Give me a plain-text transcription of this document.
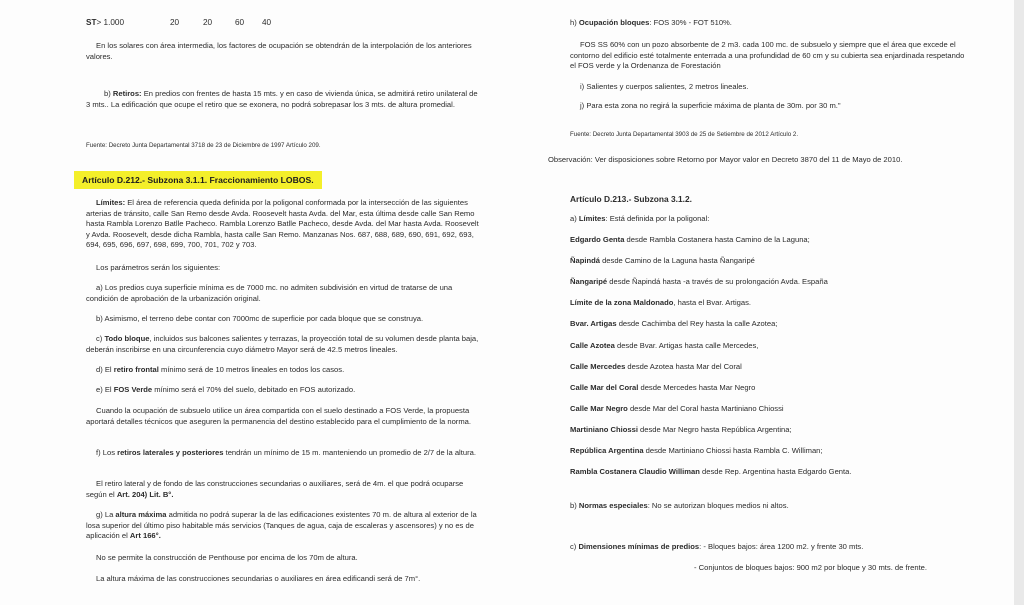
ST> 1.000	20	20	60 40

En los solares con área intermedia, los factores de ocupación se obtendrán de la interpolación de los anteriores valores.

b) Retiros: En predios con frentes de hasta 15 mts. y en caso de vivienda única, se admitirá retiro unilateral de 3 mts.. La edificación que ocupe el retiro que se exonera, no podrá sobrepasar los 3 mts. de altura promedial.

Fuente: Decreto Junta Departamental 3718 de 23 de Diciembre de 1997 Artículo 209.

Artículo D.212.- Subzona 3.1.1. Fraccionamiento LOBOS.

Límites: El área de referencia queda definida por la poligonal conformada por la intersección de las siguientes arterias de tránsito, calle San Remo desde Avda. Roosevelt hasta Avda. del Mar, esta última desde calle San Remo hasta Rambla Lorenzo Batlle Pacheco. Rambla Lorenzo Batlle Pacheco, desde Avda. del Mar hasta Avda. Roosevelt y Avda. Roosevelt, desde dicha Rambla, hasta calle San Remo. Manzanas Nos. 687, 688, 689, 690, 691, 692, 693, 694, 695, 696, 697, 698, 699, 700, 701, 702 y 703.

Los parámetros serán los siguientes:

a) Los predios cuya superficie mínima es de 7000 mc. no admiten subdivisión en virtud de tratarse de una condición de aprobación de la urbanización original.

b) Asimismo, el terreno debe contar con 7000mc de superficie por cada bloque que se construya.

c) Todo bloque, incluidos sus balcones salientes y terrazas, la proyección total de su volumen desde planta baja, deberán inscribirse en una circunferencia cuyo diámetro Mayor será de 42.5 metros lineales.

d) El retiro frontal mínimo será de 10 metros lineales en todos los casos.

e) El FOS Verde mínimo será el 70% del suelo, debitado en FOS autorizado.

Cuando la ocupación de subsuelo utilice un área compartida con el suelo destinado a FOS Verde, la propuesta aportará detalles técnicos que aseguren la permanencia del destino establecido para el cumplimiento de la norma.

f) Los retiros laterales y posteriores tendrán un mínimo de 15 m. manteniendo un promedio de 2/7 de la altura.

El retiro lateral y de fondo de las construcciones secundarias o auxiliares, será de 4m. el que podrá ocuparse según el Art. 204) Lit. B°.

g) La altura máxima admitida no podrá superar la de las edificaciones existentes 70 m. de altura al exterior de la losa superior del último piso habitable más servicios (Tanques de agua, caja de escaleras y ascensores) y no es de aplicación el Art 166°.

No se permite la construcción de Penthouse por encima de los 70m de altura.

La altura máxima de las construcciones secundarias o auxiliares en área edificandi será de 7m°.

h) Ocupación bloques: FOS 30% - FOT 510%.

FOS SS 60% con un pozo absorbente de 2 m3. cada 100 mc. de subsuelo y siempre que el área que excede el contorno del edificio esté totalmente enterrada a una profundidad de 60 cm y su cubierta sea enjardinada respetando el FOS verde y la Ordenanza de Forestación

i) Salientes y cuerpos salientes, 2 metros lineales.

j) Para esta zona no regirá la superficie máxima de planta de 30m. por 30 m."

Fuente: Decreto Junta Departamental 3903 de 25 de Setiembre de 2012 Artículo 2.

Observación: Ver disposiciones sobre Retorno por Mayor valor en Decreto 3870 del 11 de Mayo de 2010.

Artículo D.213.- Subzona 3.1.2.

a) Límites: Está definida por la poligonal:

Edgardo Genta desde Rambla Costanera hasta Camino de la Laguna;

Ñapindá desde Camino de la Laguna hasta Ñangaripé

Ñangaripé desde Ñapindá hasta -a través de su prolongación Avda. España

Límite de la zona Maldonado, hasta el Bvar. Artigas.

Bvar. Artigas desde Cachimba del Rey hasta la calle Azotea;

Calle Azotea desde Bvar. Artigas hasta calle Mercedes,

Calle Mercedes desde Azotea hasta Mar del Coral

Calle Mar del Coral desde Mercedes hasta Mar Negro

Calle Mar Negro desde Mar del Coral hasta Martiniano Chiossi

Martiniano Chiossi desde Mar Negro hasta República Argentina;

República Argentina desde Martiniano Chiossi hasta Rambla C. Williman;

Rambla Costanera Claudio Williman desde Rep. Argentina hasta Edgardo Genta.

b) Normas especiales: No se autorizan bloques medios ni altos.

c) Dimensiones mínimas de predios: - Bloques bajos: área 1200 m2. y frente 30 mts.

- Conjuntos de bloques bajos: 900 m2 por bloque y 30 mts. de frente.
